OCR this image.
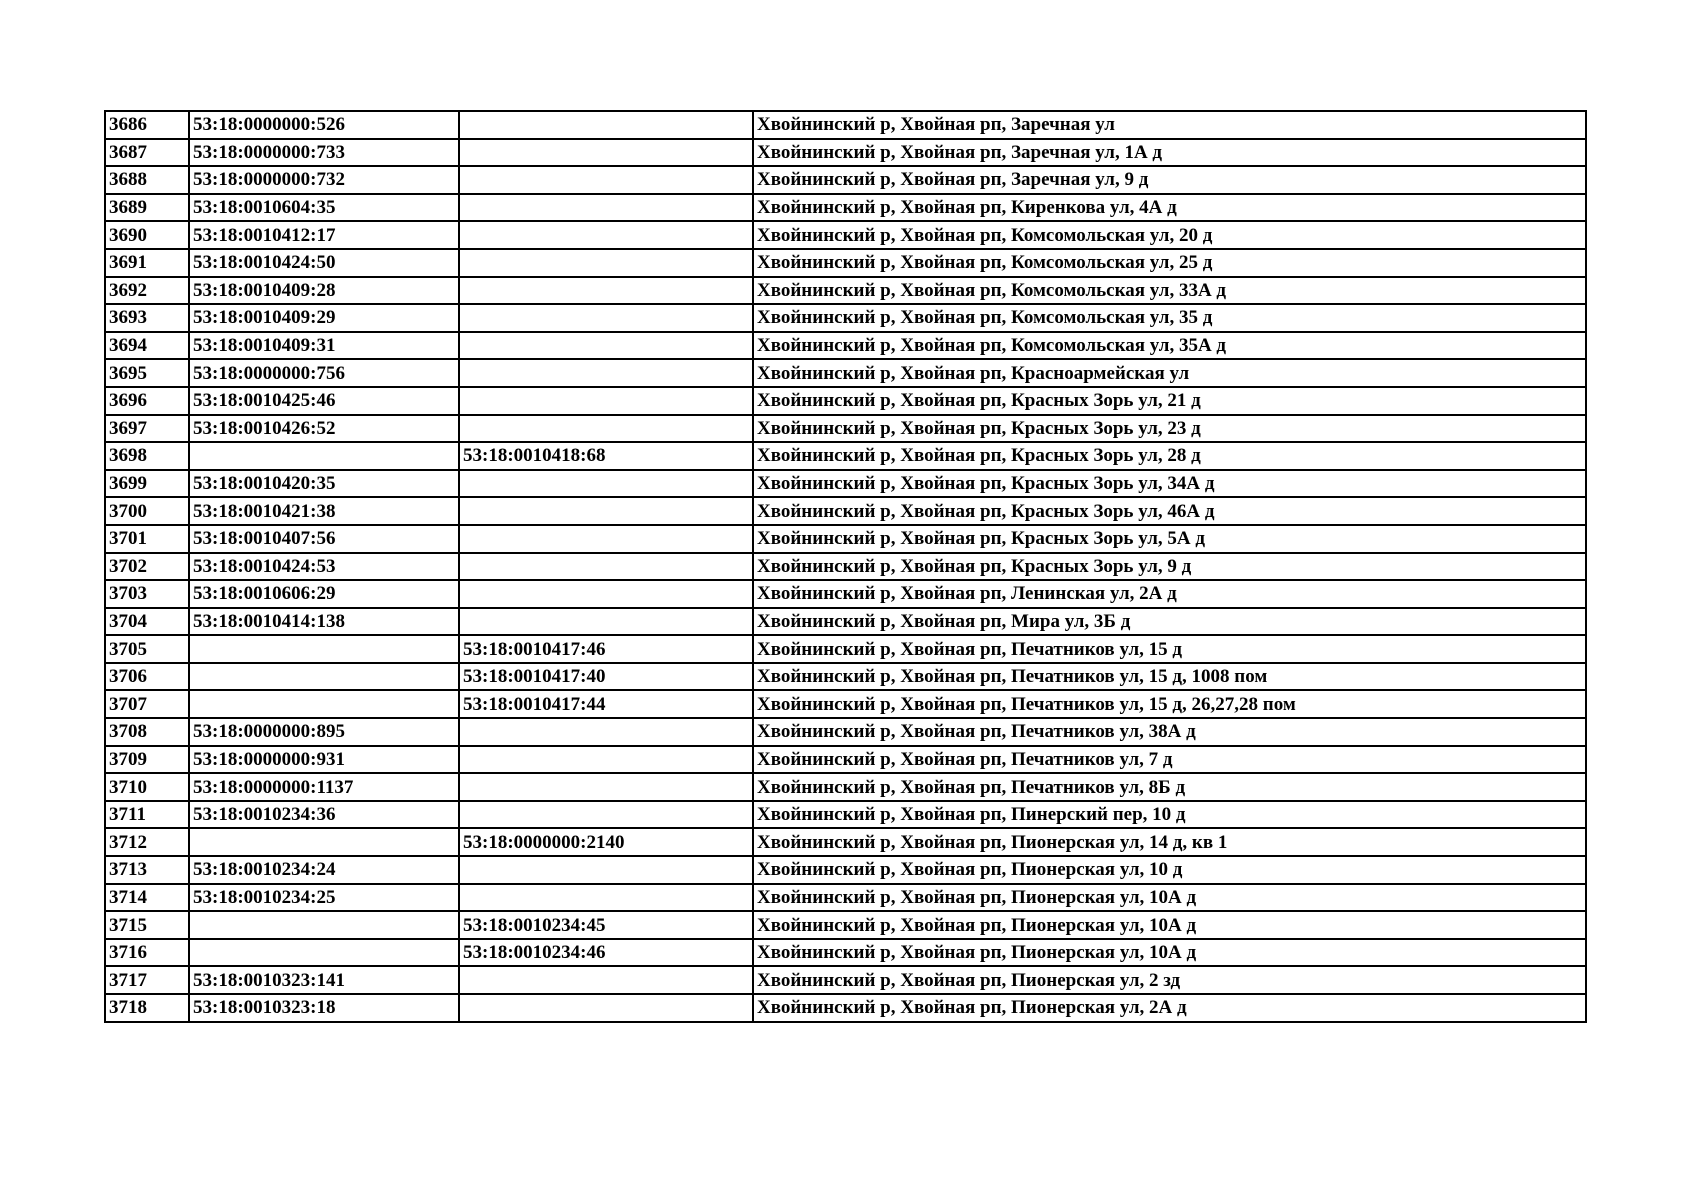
3686	53:18:0000000:526		Хвойнинский р, Хвойная рп, Заречная ул
3687	53:18:0000000:733		Хвойнинский р, Хвойная рп, Заречная ул, 1А д
3688	53:18:0000000:732		Хвойнинский р, Хвойная рп, Заречная ул, 9 д
3689	53:18:0010604:35		Хвойнинский р, Хвойная рп, Киренкова ул, 4А д
3690	53:18:0010412:17		Хвойнинский р, Хвойная рп, Комсомольская ул, 20 д
3691	53:18:0010424:50		Хвойнинский р, Хвойная рп, Комсомольская ул, 25 д
3692	53:18:0010409:28		Хвойнинский р, Хвойная рп, Комсомольская ул, 33А д
3693	53:18:0010409:29		Хвойнинский р, Хвойная рп, Комсомольская ул, 35 д
3694	53:18:0010409:31		Хвойнинский р, Хвойная рп, Комсомольская ул, 35А д
3695	53:18:0000000:756		Хвойнинский р, Хвойная рп, Красноармейская ул
3696	53:18:0010425:46		Хвойнинский р, Хвойная рп, Красных Зорь ул, 21 д
3697	53:18:0010426:52		Хвойнинский р, Хвойная рп, Красных Зорь ул, 23 д
3698		53:18:0010418:68	Хвойнинский р, Хвойная рп, Красных Зорь ул, 28 д
3699	53:18:0010420:35		Хвойнинский р, Хвойная рп, Красных Зорь ул, 34А д
3700	53:18:0010421:38		Хвойнинский р, Хвойная рп, Красных Зорь ул, 46А д
3701	53:18:0010407:56		Хвойнинский р, Хвойная рп, Красных Зорь ул, 5А д
3702	53:18:0010424:53		Хвойнинский р, Хвойная рп, Красных Зорь ул, 9 д
3703	53:18:0010606:29		Хвойнинский р, Хвойная рп, Ленинская ул, 2А д
3704	53:18:0010414:138		Хвойнинский р, Хвойная рп, Мира ул, 3Б д
3705		53:18:0010417:46	Хвойнинский р, Хвойная рп, Печатников ул, 15 д
3706		53:18:0010417:40	Хвойнинский р, Хвойная рп, Печатников ул, 15 д, 1008 пом
3707		53:18:0010417:44	Хвойнинский р, Хвойная рп, Печатников ул, 15 д, 26,27,28 пом
3708	53:18:0000000:895		Хвойнинский р, Хвойная рп, Печатников ул, 38А д
3709	53:18:0000000:931		Хвойнинский р, Хвойная рп, Печатников ул, 7 д
3710	53:18:0000000:1137		Хвойнинский р, Хвойная рп, Печатников ул, 8Б д
3711	53:18:0010234:36		Хвойнинский р, Хвойная рп, Пинерский пер, 10 д
3712		53:18:0000000:2140	Хвойнинский р, Хвойная рп, Пионерская ул, 14 д, кв 1
3713	53:18:0010234:24		Хвойнинский р, Хвойная рп, Пионерская ул, 10 д
3714	53:18:0010234:25		Хвойнинский р, Хвойная рп, Пионерская ул, 10А д
3715		53:18:0010234:45	Хвойнинский р, Хвойная рп, Пионерская ул, 10А д
3716		53:18:0010234:46	Хвойнинский р, Хвойная рп, Пионерская ул, 10А д
3717	53:18:0010323:141		Хвойнинский р, Хвойная рп, Пионерская ул, 2 зд
3718	53:18:0010323:18		Хвойнинский р, Хвойная рп, Пионерская ул, 2А д
